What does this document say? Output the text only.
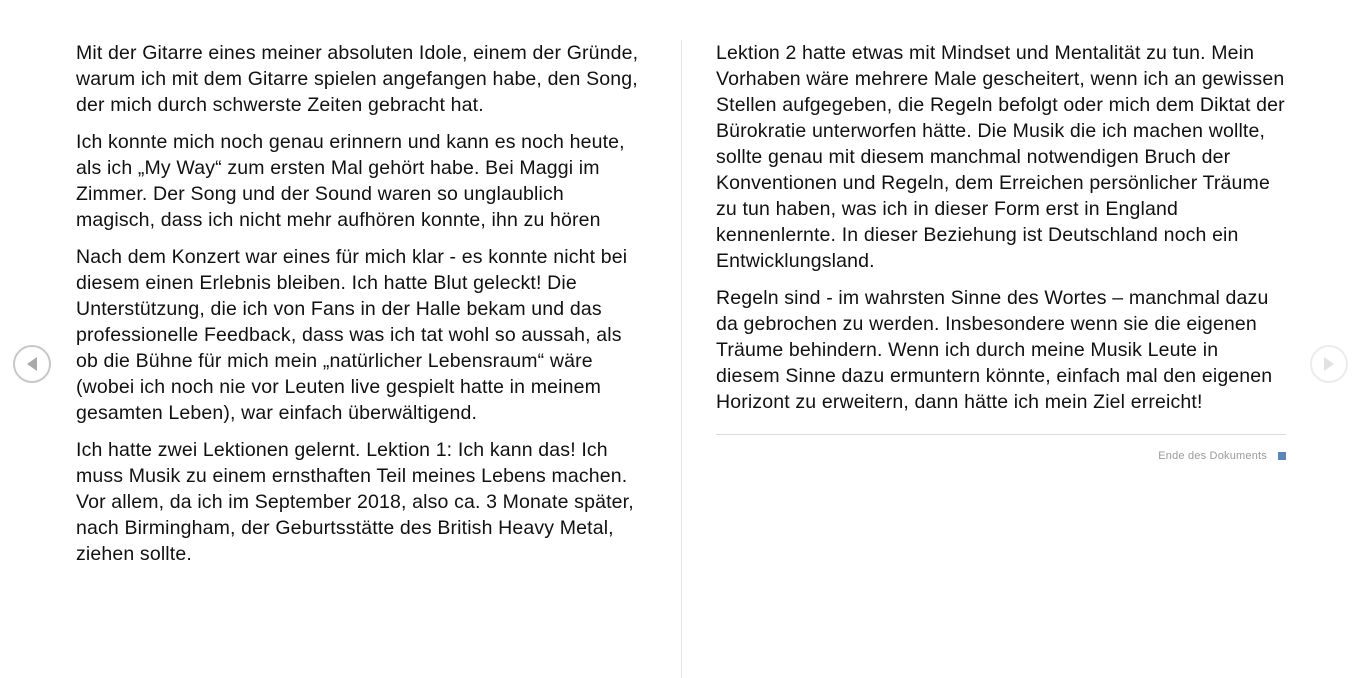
Mit der Gitarre eines meiner absoluten Idole, einem der Gründe, warum ich mit dem Gitarre spielen angefangen habe, den Song, der mich durch schwerste Zeiten gebracht hat.

Ich konnte mich noch genau erinnern und kann es noch heute, als ich „My Way“ zum ersten Mal gehört habe. Bei Maggi im Zimmer. Der Song und der Sound waren so unglaublich magisch, dass ich nicht mehr aufhören konnte, ihn zu hören

Nach dem Konzert war eines für mich klar - es konnte nicht bei diesem einen Erlebnis bleiben. Ich hatte Blut geleckt! Die Unterstützung, die ich von Fans in der Halle bekam und das professionelle Feedback, dass was ich tat wohl so aussah, als ob die Bühne für mich mein „natürlicher Lebensraum“ wäre (wobei ich noch nie vor Leuten live gespielt hatte in meinem gesamten Leben), war einfach überwältigend.

Ich hatte zwei Lektionen gelernt. Lektion 1: Ich kann das! Ich muss Musik zu einem ernsthaften Teil meines Lebens machen. Vor allem, da ich im September 2018, also ca. 3 Monate später, nach Birmingham, der Geburtsstätte des British Heavy Metal, ziehen sollte.

Lektion 2 hatte etwas mit Mindset und Mentalität zu tun. Mein Vorhaben wäre mehrere Male gescheitert, wenn ich an gewissen Stellen aufgegeben, die Regeln befolgt oder mich dem Diktat der Bürokratie unterworfen hätte. Die Musik die ich machen wollte, sollte genau mit diesem manchmal notwendigen Bruch der Konventionen und Regeln, dem Erreichen persönlicher Träume zu tun haben, was ich in dieser Form erst in England kennenlernte. In dieser Beziehung ist Deutschland noch ein Entwicklungsland.

Regeln sind - im wahrsten Sinne des Wortes – manchmal dazu da gebrochen zu werden. Insbesondere wenn sie die eigenen Träume behindern. Wenn ich durch meine Musik Leute in diesem Sinne dazu ermuntern könnte, einfach mal den eigenen Horizont zu erweitern, dann hätte ich mein Ziel erreicht!

Ende des Dokuments
